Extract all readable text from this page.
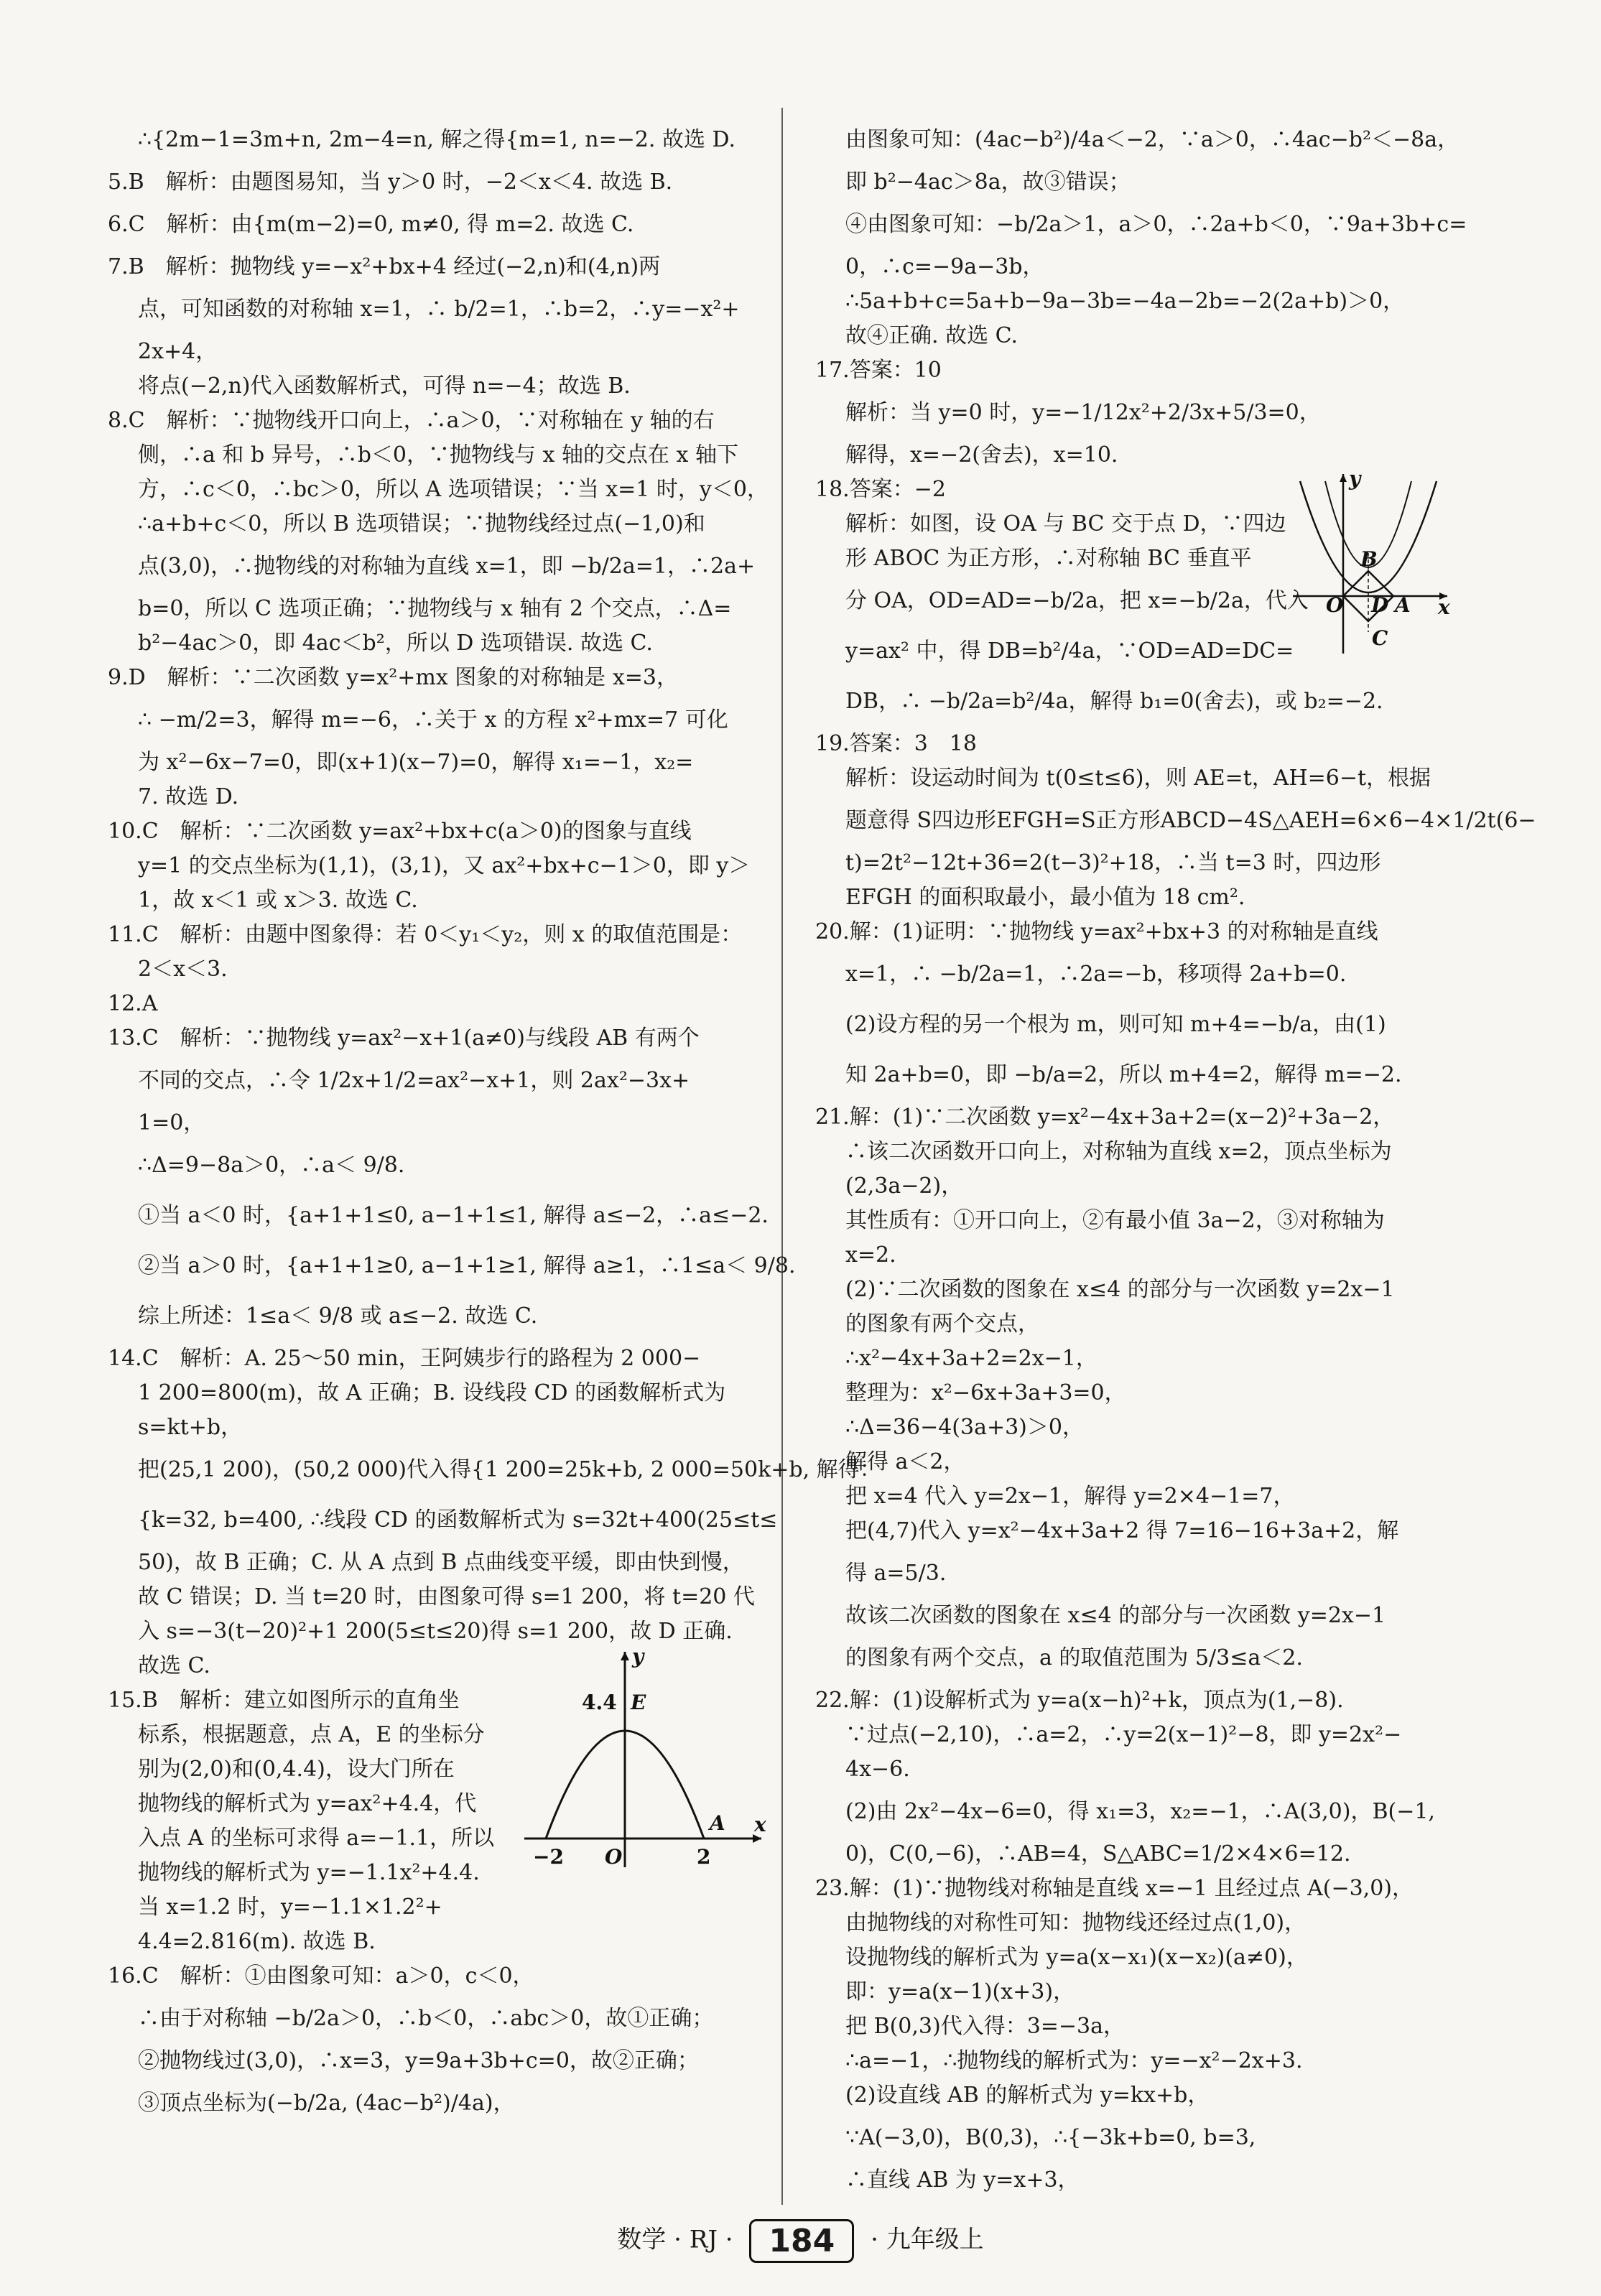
∴{2m−1=3m+n, 2m−4=n, 解之得{m=1, n=−2. 故选 D.
5.B　解析：由题图易知，当 y＞0 时，−2＜x＜4. 故选 B.
6.C　解析：由{m(m−2)=0, m≠0, 得 m=2. 故选 C.
7.B　解析：抛物线 y=−x²+bx+4 经过(−2,n)和(4,n)两
点，可知函数的对称轴 x=1，∴ b/2=1，∴b=2，∴y=−x²+
2x+4，
将点(−2,n)代入函数解析式，可得 n=−4；故选 B.
8.C　解析：∵抛物线开口向上，∴a＞0，∵对称轴在 y 轴的右
侧，∴a 和 b 异号，∴b＜0，∵抛物线与 x 轴的交点在 x 轴下
方，∴c＜0，∴bc＞0，所以 A 选项错误；∵当 x=1 时，y＜0，
∴a+b+c＜0，所以 B 选项错误；∵抛物线经过点(−1,0)和
点(3,0)，∴抛物线的对称轴为直线 x=1，即 −b/2a=1，∴2a+
b=0，所以 C 选项正确；∵抛物线与 x 轴有 2 个交点，∴Δ=
b²−4ac＞0，即 4ac＜b²，所以 D 选项错误. 故选 C.
9.D　解析：∵二次函数 y=x²+mx 图象的对称轴是 x=3，
∴ −m/2=3，解得 m=−6，∴关于 x 的方程 x²+mx=7 可化
为 x²−6x−7=0，即(x+1)(x−7)=0，解得 x₁=−1，x₂=
7. 故选 D.
10.C　解析：∵二次函数 y=ax²+bx+c(a＞0)的图象与直线
y=1 的交点坐标为(1,1)，(3,1)，又 ax²+bx+c−1＞0，即 y＞
1，故 x＜1 或 x＞3. 故选 C.
11.C　解析：由题中图象得：若 0＜y₁＜y₂，则 x 的取值范围是：
2＜x＜3.
12.A
13.C　解析：∵抛物线 y=ax²−x+1(a≠0)与线段 AB 有两个
不同的交点，∴令 1/2x+1/2=ax²−x+1，则 2ax²−3x+
1=0，
∴Δ=9−8a＞0，∴a＜ 9/8.
①当 a＜0 时，{a+1+1≤0, a−1+1≤1, 解得 a≤−2，∴a≤−2.
②当 a＞0 时，{a+1+1≥0, a−1+1≥1, 解得 a≥1，∴1≤a＜ 9/8.
综上所述：1≤a＜ 9/8 或 a≤−2. 故选 C.
14.C　解析：A. 25～50 min，王阿姨步行的路程为 2 000−
1 200=800(m)，故 A 正确；B. 设线段 CD 的函数解析式为
s=kt+b，
把(25,1 200)，(50,2 000)代入得{1 200=25k+b, 2 000=50k+b, 解得：
{k=32, b=400, ∴线段 CD 的函数解析式为 s=32t+400(25≤t≤
50)，故 B 正确；C. 从 A 点到 B 点曲线变平缓，即由快到慢，
故 C 错误；D. 当 t=20 时，由图象可得 s=1 200，将 t=20 代
入 s=−3(t−20)²+1 200(5≤t≤20)得 s=1 200，故 D 正确.
故选 C.
15.B　解析：建立如图所示的直角坐
标系，根据题意，点 A，E 的坐标分
别为(2,0)和(0,4.4)，设大门所在
抛物线的解析式为 y=ax²+4.4，代
入点 A 的坐标可求得 a=−1.1，所以
抛物线的解析式为 y=−1.1x²+4.4.
当 x=1.2 时，y=−1.1×1.2²+
4.4=2.816(m). 故选 B.
16.C　解析：①由图象可知：a＞0，c＜0，
∴由于对称轴 −b/2a＞0，∴b＜0，∴abc＞0，故①正确；
②抛物线过(3,0)，∴x=3，y=9a+3b+c=0，故②正确；
③顶点坐标为(−b/2a, (4ac−b²)/4a)，
由图象可知：(4ac−b²)/4a＜−2，∵a＞0，∴4ac−b²＜−8a，
即 b²−4ac＞8a，故③错误；
④由图象可知：−b/2a＞1，a＞0，∴2a+b＜0，∵9a+3b+c=
0，∴c=−9a−3b，
∴5a+b+c=5a+b−9a−3b=−4a−2b=−2(2a+b)＞0，
故④正确. 故选 C.
17.答案：10
解析：当 y=0 时，y=−1/12x²+2/3x+5/3=0，
解得，x=−2(舍去)，x=10.
18.答案：−2
解析：如图，设 OA 与 BC 交于点 D，∵四边
形 ABOC 为正方形，∴对称轴 BC 垂直平
分 OA，OD=AD=−b/2a，把 x=−b/2a，代入
y=ax² 中，得 DB=b²/4a，∵OD=AD=DC=
DB，∴ −b/2a=b²/4a，解得 b₁=0(舍去)，或 b₂=−2.
19.答案：3　18
解析：设运动时间为 t(0≤t≤6)，则 AE=t，AH=6−t，根据
题意得 S四边形EFGH=S正方形ABCD−4S△AEH=6×6−4×1/2t(6−
t)=2t²−12t+36=2(t−3)²+18，∴当 t=3 时，四边形
EFGH 的面积取最小，最小值为 18 cm².
20.解：(1)证明：∵抛物线 y=ax²+bx+3 的对称轴是直线
x=1，∴ −b/2a=1，∴2a=−b，移项得 2a+b=0.
(2)设方程的另一个根为 m，则可知 m+4=−b/a，由(1)
知 2a+b=0，即 −b/a=2，所以 m+4=2，解得 m=−2.
21.解：(1)∵二次函数 y=x²−4x+3a+2=(x−2)²+3a−2，
∴该二次函数开口向上，对称轴为直线 x=2，顶点坐标为
(2,3a−2)，
其性质有：①开口向上，②有最小值 3a−2，③对称轴为
x=2.
(2)∵二次函数的图象在 x≤4 的部分与一次函数 y=2x−1
的图象有两个交点，
∴x²−4x+3a+2=2x−1，
整理为：x²−6x+3a+3=0，
∴Δ=36−4(3a+3)＞0，
解得 a＜2，
把 x=4 代入 y=2x−1，解得 y=2×4−1=7，
把(4,7)代入 y=x²−4x+3a+2 得 7=16−16+3a+2，解
得 a=5/3.
故该二次函数的图象在 x≤4 的部分与一次函数 y=2x−1
的图象有两个交点，a 的取值范围为 5/3≤a＜2.
22.解：(1)设解析式为 y=a(x−h)²+k，顶点为(1,−8).
∵过点(−2,10)，∴a=2，∴y=2(x−1)²−8，即 y=2x²−
4x−6.
(2)由 2x²−4x−6=0，得 x₁=3，x₂=−1，∴A(3,0)，B(−1,
0)，C(0,−6)，∴AB=4，S△ABC=1/2×4×6=12.
23.解：(1)∵抛物线对称轴是直线 x=−1 且经过点 A(−3,0)，
由抛物线的对称性可知：抛物线还经过点(1,0)，
设抛物线的解析式为 y=a(x−x₁)(x−x₂)(a≠0)，
即：y=a(x−1)(x+3)，
把 B(0,3)代入得：3=−3a，
∴a=−1，∴抛物线的解析式为：y=−x²−2x+3.
(2)设直线 AB 的解析式为 y=kx+b，
∵A(−3,0)，B(0,3)，∴{−3k+b=0, b=3,
∴直线 AB 为 y=x+3，
y
x
E
4.4
A
−2	2
O
y
x
B
O D A
C
数学 · RJ · 184 · 九年级上
